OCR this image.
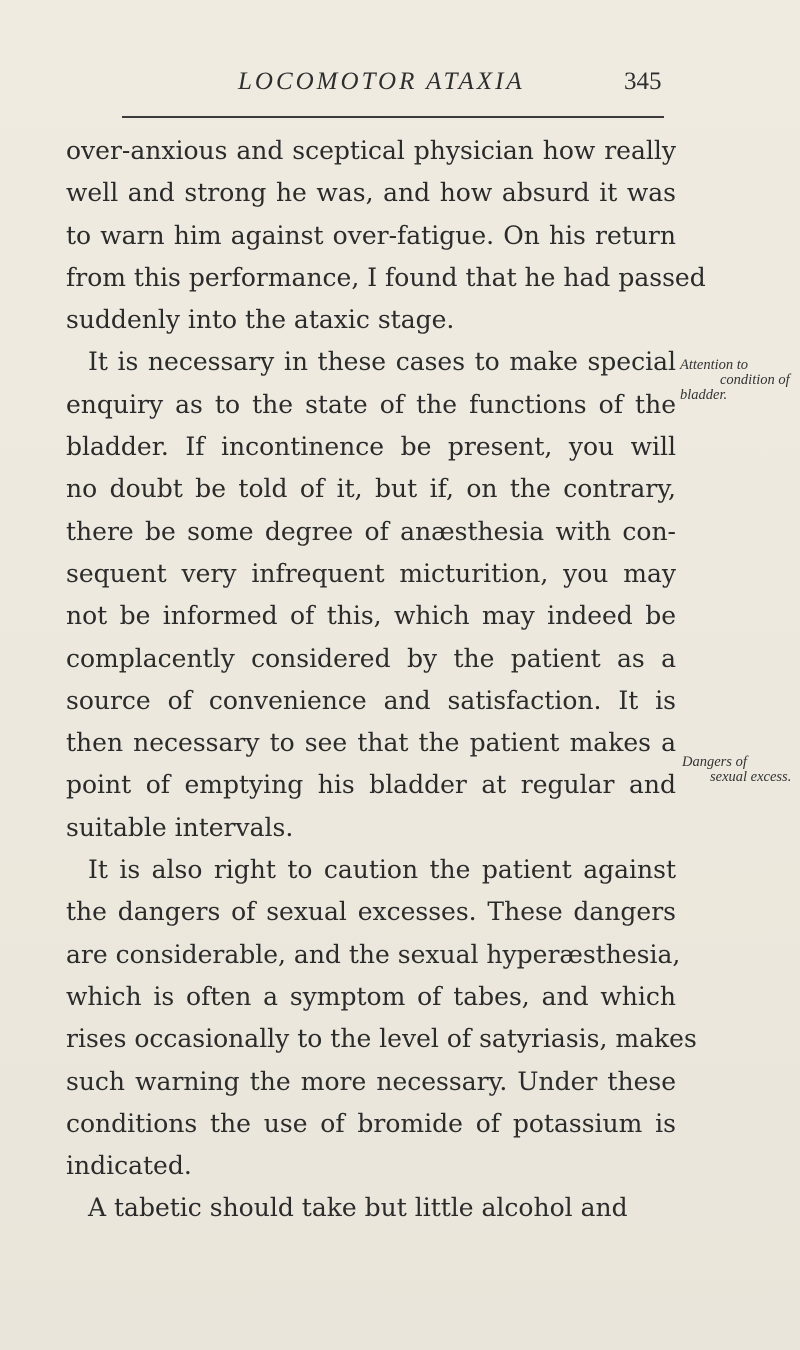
LOCOMOTOR ATAXIA	345
over-anxious and sceptical physician how really
well and strong he was, and how absurd it was
to warn him against over-fatigue. On his return
from this performance, I found that he had passed
suddenly into the ataxic stage.
It is necessary in these cases to make special
enquiry as to the state of the functions of the
bladder. If incontinence be present, you will
no doubt be told of it, but if, on the contrary,
there be some degree of anæsthesia with con-
sequent very infrequent micturition, you may
not be informed of this, which may indeed be
complacently considered by the patient as a
source of convenience and satisfaction. It is
then necessary to see that the patient makes a
point of emptying his bladder at regular and
suitable intervals.
It is also right to caution the patient against
the dangers of sexual excesses. These dangers
are considerable, and the sexual hyperæsthesia,
which is often a symptom of tabes, and which
rises occasionally to the level of satyriasis, makes
such warning the more necessary. Under these
conditions the use of bromide of potassium is
indicated.
A tabetic should take but little alcohol and
Attention to
condition of
bladder.
Dangers of
sexual excess.
